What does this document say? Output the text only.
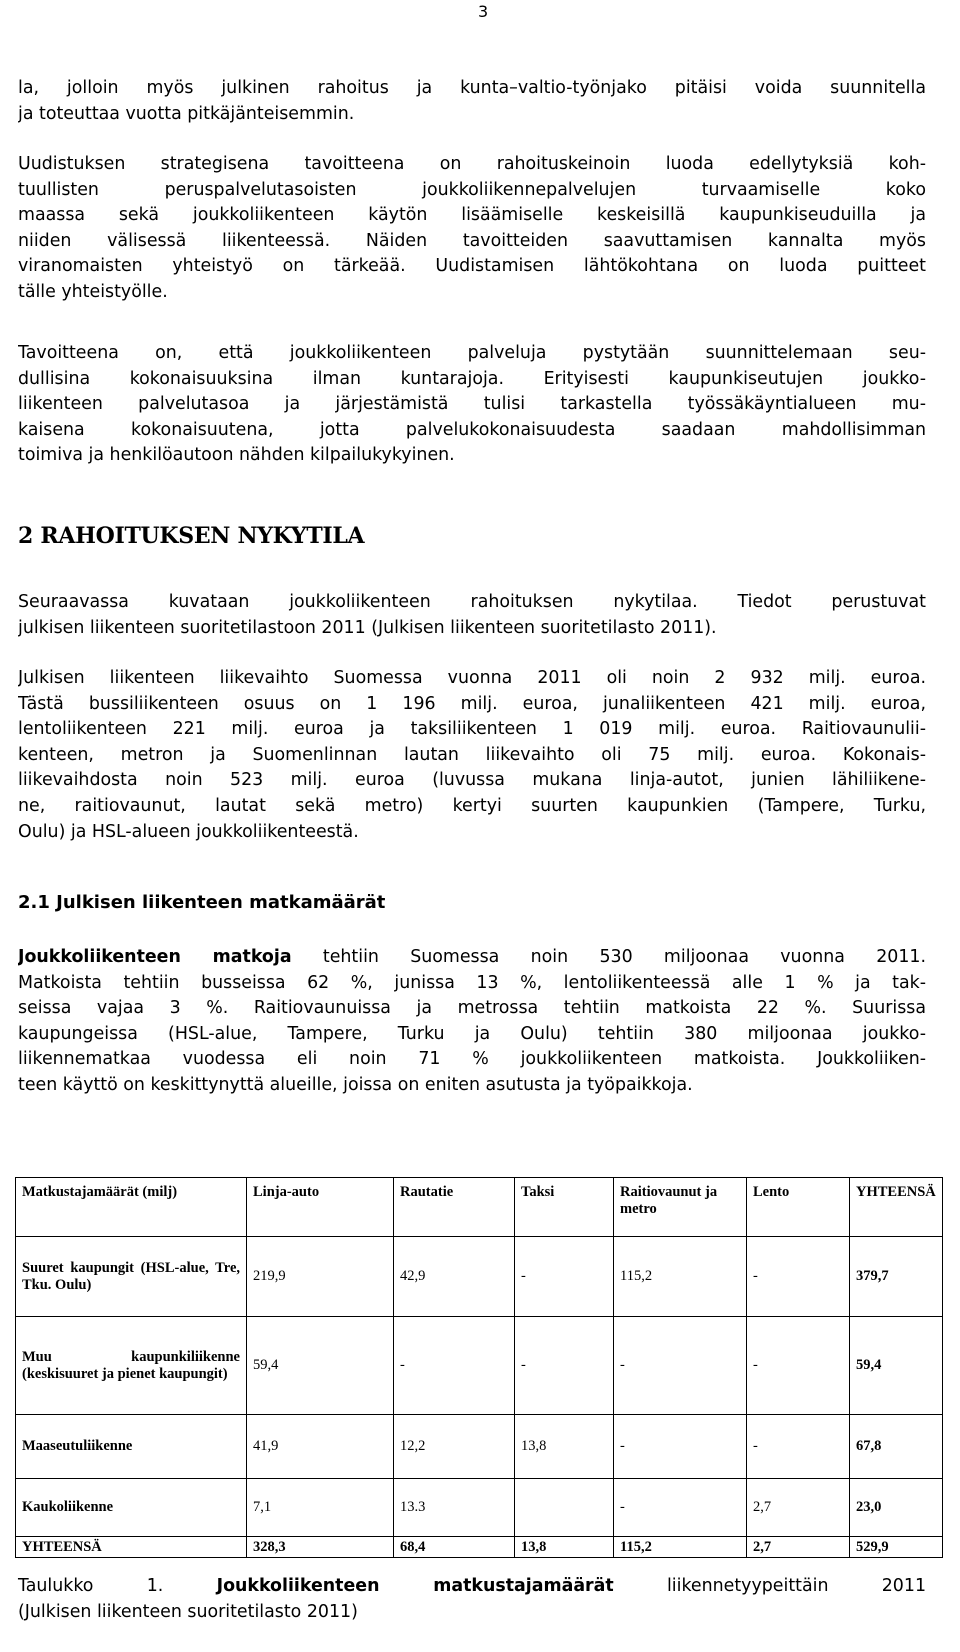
3

la, jolloin myös julkinen rahoitus ja kunta–valtio-työnjako pitäisi voida suunnitella
ja toteuttaa vuotta pitkäjänteisemmin.

Uudistuksen strategisena tavoitteena on rahoituskeinoin luoda edellytyksiä koh-
tuullisten peruspalvelutasoisten joukkoliikennepalvelujen turvaamiselle koko
maassa sekä joukkoliikenteen käytön lisäämiselle keskeisillä kaupunkiseuduilla ja
niiden välisessä liikenteessä. Näiden tavoitteiden saavuttamisen kannalta myös
viranomaisten yhteistyö on tärkeää. Uudistamisen lähtökohtana on luoda puitteet
tälle yhteistyölle.

Tavoitteena on, että joukkoliikenteen palveluja pystytään suunnittelemaan seu-
dullisina kokonaisuuksina ilman kuntarajoja. Erityisesti kaupunkiseutujen joukko-
liikenteen palvelutasoa ja järjestämistä tulisi tarkastella työssäkäyntialueen mu-
kaisena kokonaisuutena, jotta palvelukokonaisuudesta saadaan mahdollisimman
toimiva ja henkilöautoon nähden kilpailukykyinen.

2 RAHOITUKSEN NYKYTILA

Seuraavassa kuvataan joukkoliikenteen rahoituksen nykytilaa. Tiedot perustuvat
julkisen liikenteen suoritetilastoon 2011 (Julkisen liikenteen suoritetilasto 2011).

Julkisen liikenteen liikevaihto Suomessa vuonna 2011 oli noin 2 932 milj. euroa.
Tästä bussiliikenteen osuus on 1 196 milj. euroa, junaliikenteen 421 milj. euroa,
lentoliikenteen 221 milj. euroa ja taksiliikenteen 1 019 milj. euroa. Raitiovaunulii-
kenteen, metron ja Suomenlinnan lautan liikevaihto oli 75 milj. euroa. Kokonais-
liikevaihdosta noin 523 milj. euroa (luvussa mukana linja-autot, junien lähiliikene-
ne, raitiovaunut, lautat sekä metro) kertyi suurten kaupunkien (Tampere, Turku,
Oulu) ja HSL-alueen joukkoliikenteestä.

2.1 Julkisen liikenteen matkamäärät

Joukkoliikenteen matkoja tehtiin Suomessa noin 530 miljoonaa vuonna 2011.
Matkoista tehtiin busseissa 62 %, junissa 13 %, lentoliikenteessä alle 1 % ja tak-
seissa vajaa 3 %. Raitiovaunuissa ja metrossa tehtiin matkoista 22 %. Suurissa
kaupungeissa (HSL-alue, Tampere, Turku ja Oulu) tehtiin 380 miljoonaa joukko-
liikennematkaa vuodessa eli noin 71 % joukkoliikenteen matkoista. Joukkoliiken-
teen käyttö on keskittynyttä alueille, joissa on eniten asutusta ja työpaikkoja.

Matkustajamäärät (milj)	Linja-auto	Rautatie	Taksi	Raitiovaunut ja metro	Lento	YHTEENSÄ
Suuret kaupungit (HSL-alue, Tre, Tku. Oulu)	219,9	42,9	-	115,2	-	379,7
Muu kaupunkiliikenne (keskisuuret ja pienet kaupungit)	59,4	-	-	-	-	59,4
Maaseutuliikenne	41,9	12,2	13,8	-	-	67,8
Kaukoliikenne	7,1	13.3		-	2,7	23,0
YHTEENSÄ	328,3	68,4	13,8	115,2	2,7	529,9

Taulukko 1. Joukkoliikenteen matkustajamäärät liikennetyypeittäin 2011
(Julkisen liikenteen suoritetilasto 2011)
